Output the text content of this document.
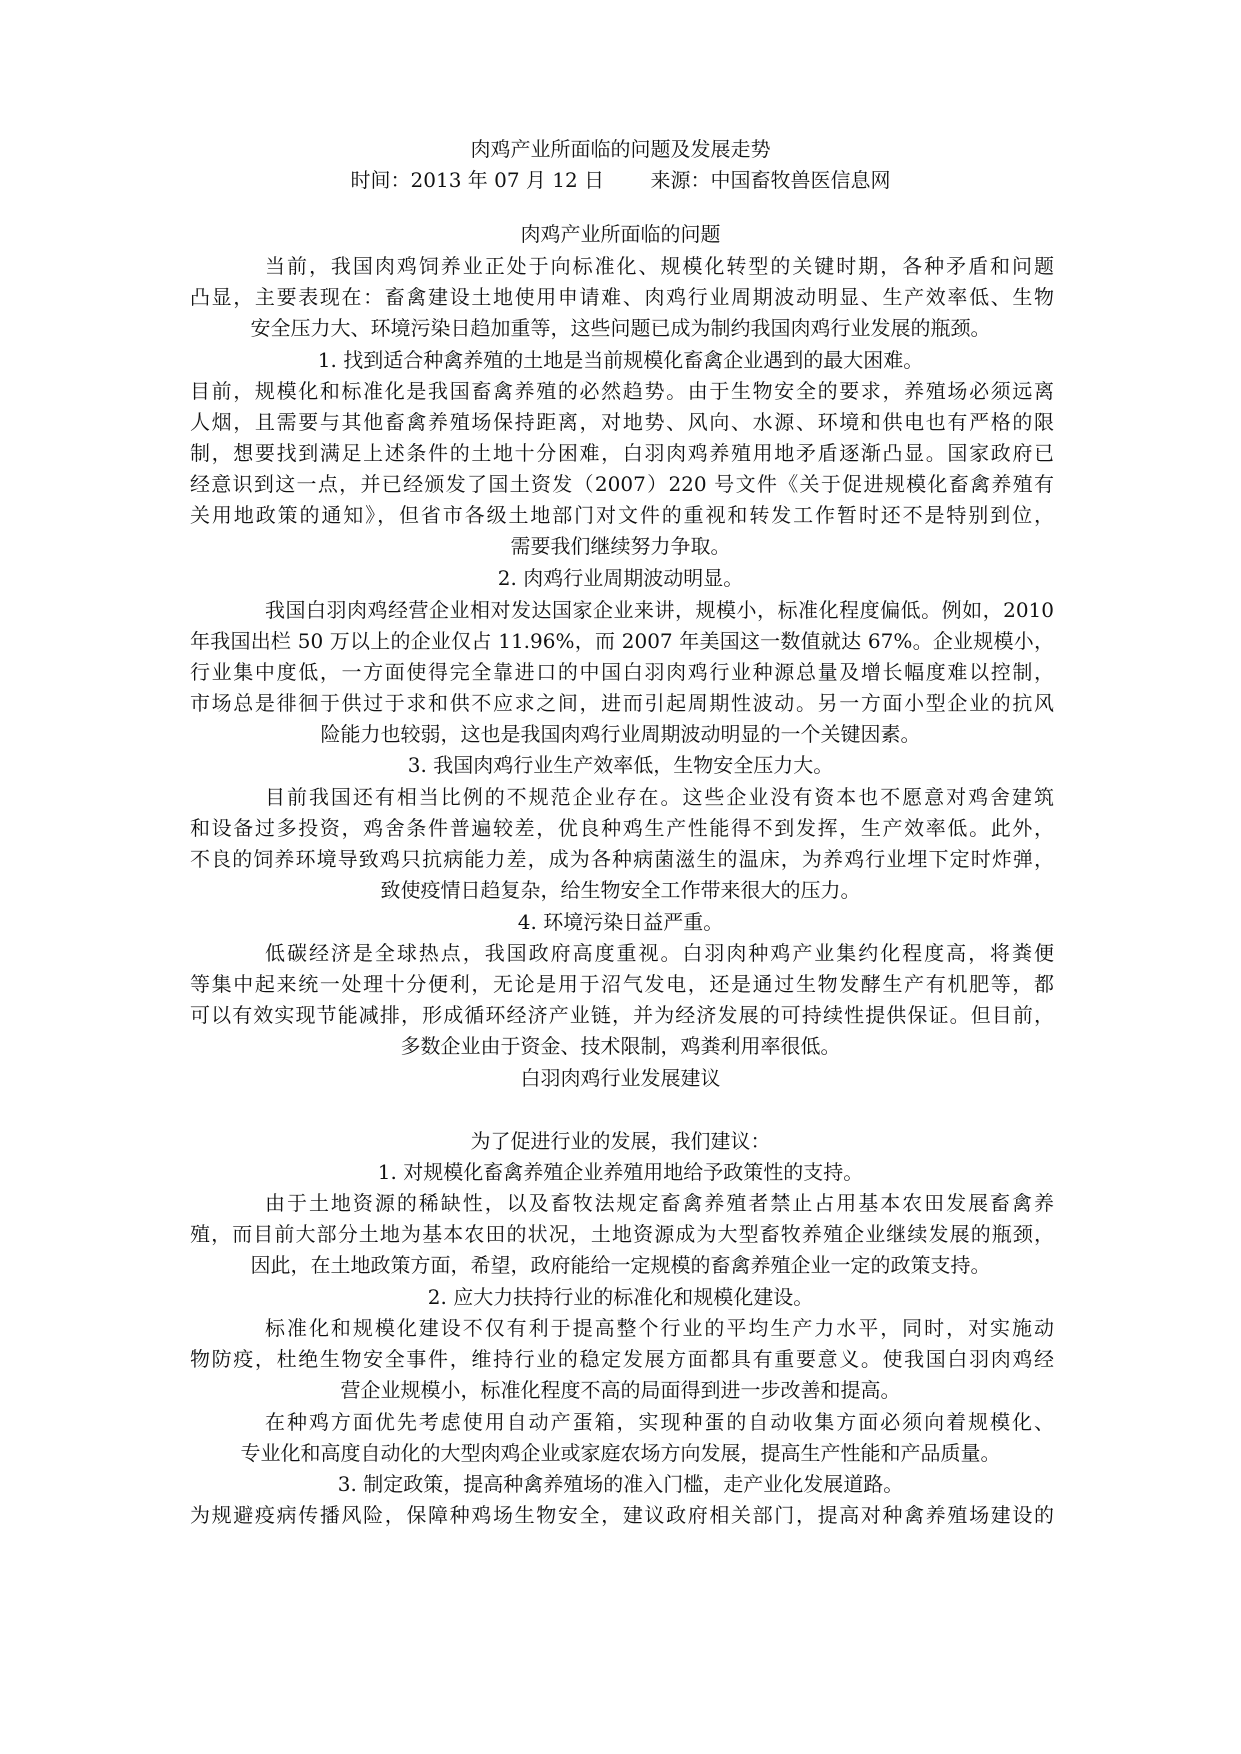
肉鸡产业所面临的问题及发展走势

时间：2013 年 07 月 12 日　　 来源：中国畜牧兽医信息网

肉鸡产业所面临的问题

当前，我国肉鸡饲养业正处于向标准化、规模化转型的关键时期，各种矛盾和问题

凸显，主要表现在：畜禽建设土地使用申请难、肉鸡行业周期波动明显、生产效率低、生物

安全压力大、环境污染日趋加重等，这些问题已成为制约我国肉鸡行业发展的瓶颈。

1. 找到适合种禽养殖的土地是当前规模化畜禽企业遇到的最大困难。

目前，规模化和标准化是我国畜禽养殖的必然趋势。由于生物安全的要求，养殖场必须远离

人烟，且需要与其他畜禽养殖场保持距离，对地势、风向、水源、环境和供电也有严格的限

制，想要找到满足上述条件的土地十分困难，白羽肉鸡养殖用地矛盾逐渐凸显。国家政府已

经意识到这一点，并已经颁发了国土资发（2007）220 号文件《关于促进规模化畜禽养殖有

关用地政策的通知》，但省市各级土地部门对文件的重视和转发工作暂时还不是特别到位，

需要我们继续努力争取。

2. 肉鸡行业周期波动明显。

我国白羽肉鸡经营企业相对发达国家企业来讲，规模小，标准化程度偏低。例如，2010

年我国出栏 50 万以上的企业仅占 11.96%，而 2007 年美国这一数值就达 67%。企业规模小，

行业集中度低，一方面使得完全靠进口的中国白羽肉鸡行业种源总量及增长幅度难以控制，

市场总是徘徊于供过于求和供不应求之间，进而引起周期性波动。另一方面小型企业的抗风

险能力也较弱，这也是我国肉鸡行业周期波动明显的一个关键因素。

3. 我国肉鸡行业生产效率低，生物安全压力大。

目前我国还有相当比例的不规范企业存在。这些企业没有资本也不愿意对鸡舍建筑

和设备过多投资，鸡舍条件普遍较差，优良种鸡生产性能得不到发挥，生产效率低。此外，

不良的饲养环境导致鸡只抗病能力差，成为各种病菌滋生的温床，为养鸡行业埋下定时炸弹，

致使疫情日趋复杂，给生物安全工作带来很大的压力。

4. 环境污染日益严重。

低碳经济是全球热点，我国政府高度重视。白羽肉种鸡产业集约化程度高，将粪便

等集中起来统一处理十分便利，无论是用于沼气发电，还是通过生物发酵生产有机肥等，都

可以有效实现节能减排，形成循环经济产业链，并为经济发展的可持续性提供保证。但目前，

多数企业由于资金、技术限制，鸡粪利用率很低。

白羽肉鸡行业发展建议

为了促进行业的发展，我们建议：

1. 对规模化畜禽养殖企业养殖用地给予政策性的支持。

由于土地资源的稀缺性，以及畜牧法规定畜禽养殖者禁止占用基本农田发展畜禽养

殖，而目前大部分土地为基本农田的状况，土地资源成为大型畜牧养殖企业继续发展的瓶颈，

因此，在土地政策方面，希望，政府能给一定规模的畜禽养殖企业一定的政策支持。

2. 应大力扶持行业的标准化和规模化建设。

标准化和规模化建设不仅有利于提高整个行业的平均生产力水平，同时，对实施动

物防疫，杜绝生物安全事件，维持行业的稳定发展方面都具有重要意义。使我国白羽肉鸡经

营企业规模小，标准化程度不高的局面得到进一步改善和提高。

在种鸡方面优先考虑使用自动产蛋箱，实现种蛋的自动收集方面必须向着规模化、

专业化和高度自动化的大型肉鸡企业或家庭农场方向发展，提高生产性能和产品质量。

3. 制定政策，提高种禽养殖场的准入门槛，走产业化发展道路。

为规避疫病传播风险，保障种鸡场生物安全，建议政府相关部门，提高对种禽养殖场建设的
